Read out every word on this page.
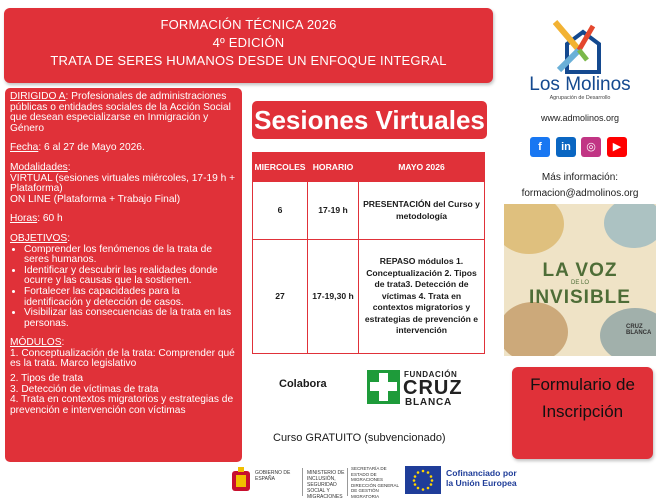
FORMACIÓN TÉCNICA 2026
4º EDICIÓN
TRATA DE SERES HUMANOS DESDE UN ENFOQUE INTEGRAL

DIRIGIDO A: Profesionales de administraciones públicas o entidades sociales de la Acción Social que desean especializarse en Inmigración y Género

Fecha: 6 al 27 de Mayo 2026.

Modalidades:

VIRTUAL (sesiones virtuales miércoles, 17-19 h + Plataforma)

ON LINE (Plataforma + Trabajo Final)

Horas: 60 h

OBJETIVOS:

• Comprender los fenómenos de la trata de seres humanos.
• Identificar y descubrir las realidades donde ocurre y las causas que la sostienen.
• Fortalecer las capacidades para la identificación y detección de casos.
• Visibilizar las consecuencias de la trata en las personas.

MÓDULOS:

1. Conceptualización de la trata: Comprender qué es la trata. Marco legislativo

2. Tipos de trata

3. Detección de víctimas de trata

4. Trata en contextos migratorios y estrategias de prevención e intervención con víctimas

Sesiones Virtuales
MIERCOLES	HORARIO	MAYO 2026
6	17-19 h	PRESENTACIÓN del Curso y metodología
27	17-19,30 h	REPASO módulos 1. Conceptualización 2. Tipos de trata3. Detección de víctimas 4. Trata en contextos migratorios y estrategias de prevención e intervención
Colabora
FUNDACIÓN
CRUZ
BLANCA
Curso GRATUITO (subvencionado)
Los Molinos
Agrupación de Desarrollo
www.admolinos.org
f	in	◎	▶
Más información:
formacion@admolinos.org
LA VOZ
DE LO
INVISIBLE
CRUZ BLANCA
Formulario de Inscripción
GOBIERNO DE ESPAÑA
MINISTERIO DE INCLUSIÓN, SEGURIDAD SOCIAL Y MIGRACIONES
SECRETARÍA DE ESTADO DE MIGRACIONES DIRECCIÓN GENERAL DE GESTIÓN MIGRATORIA
Cofinanciado por
la Unión Europea
